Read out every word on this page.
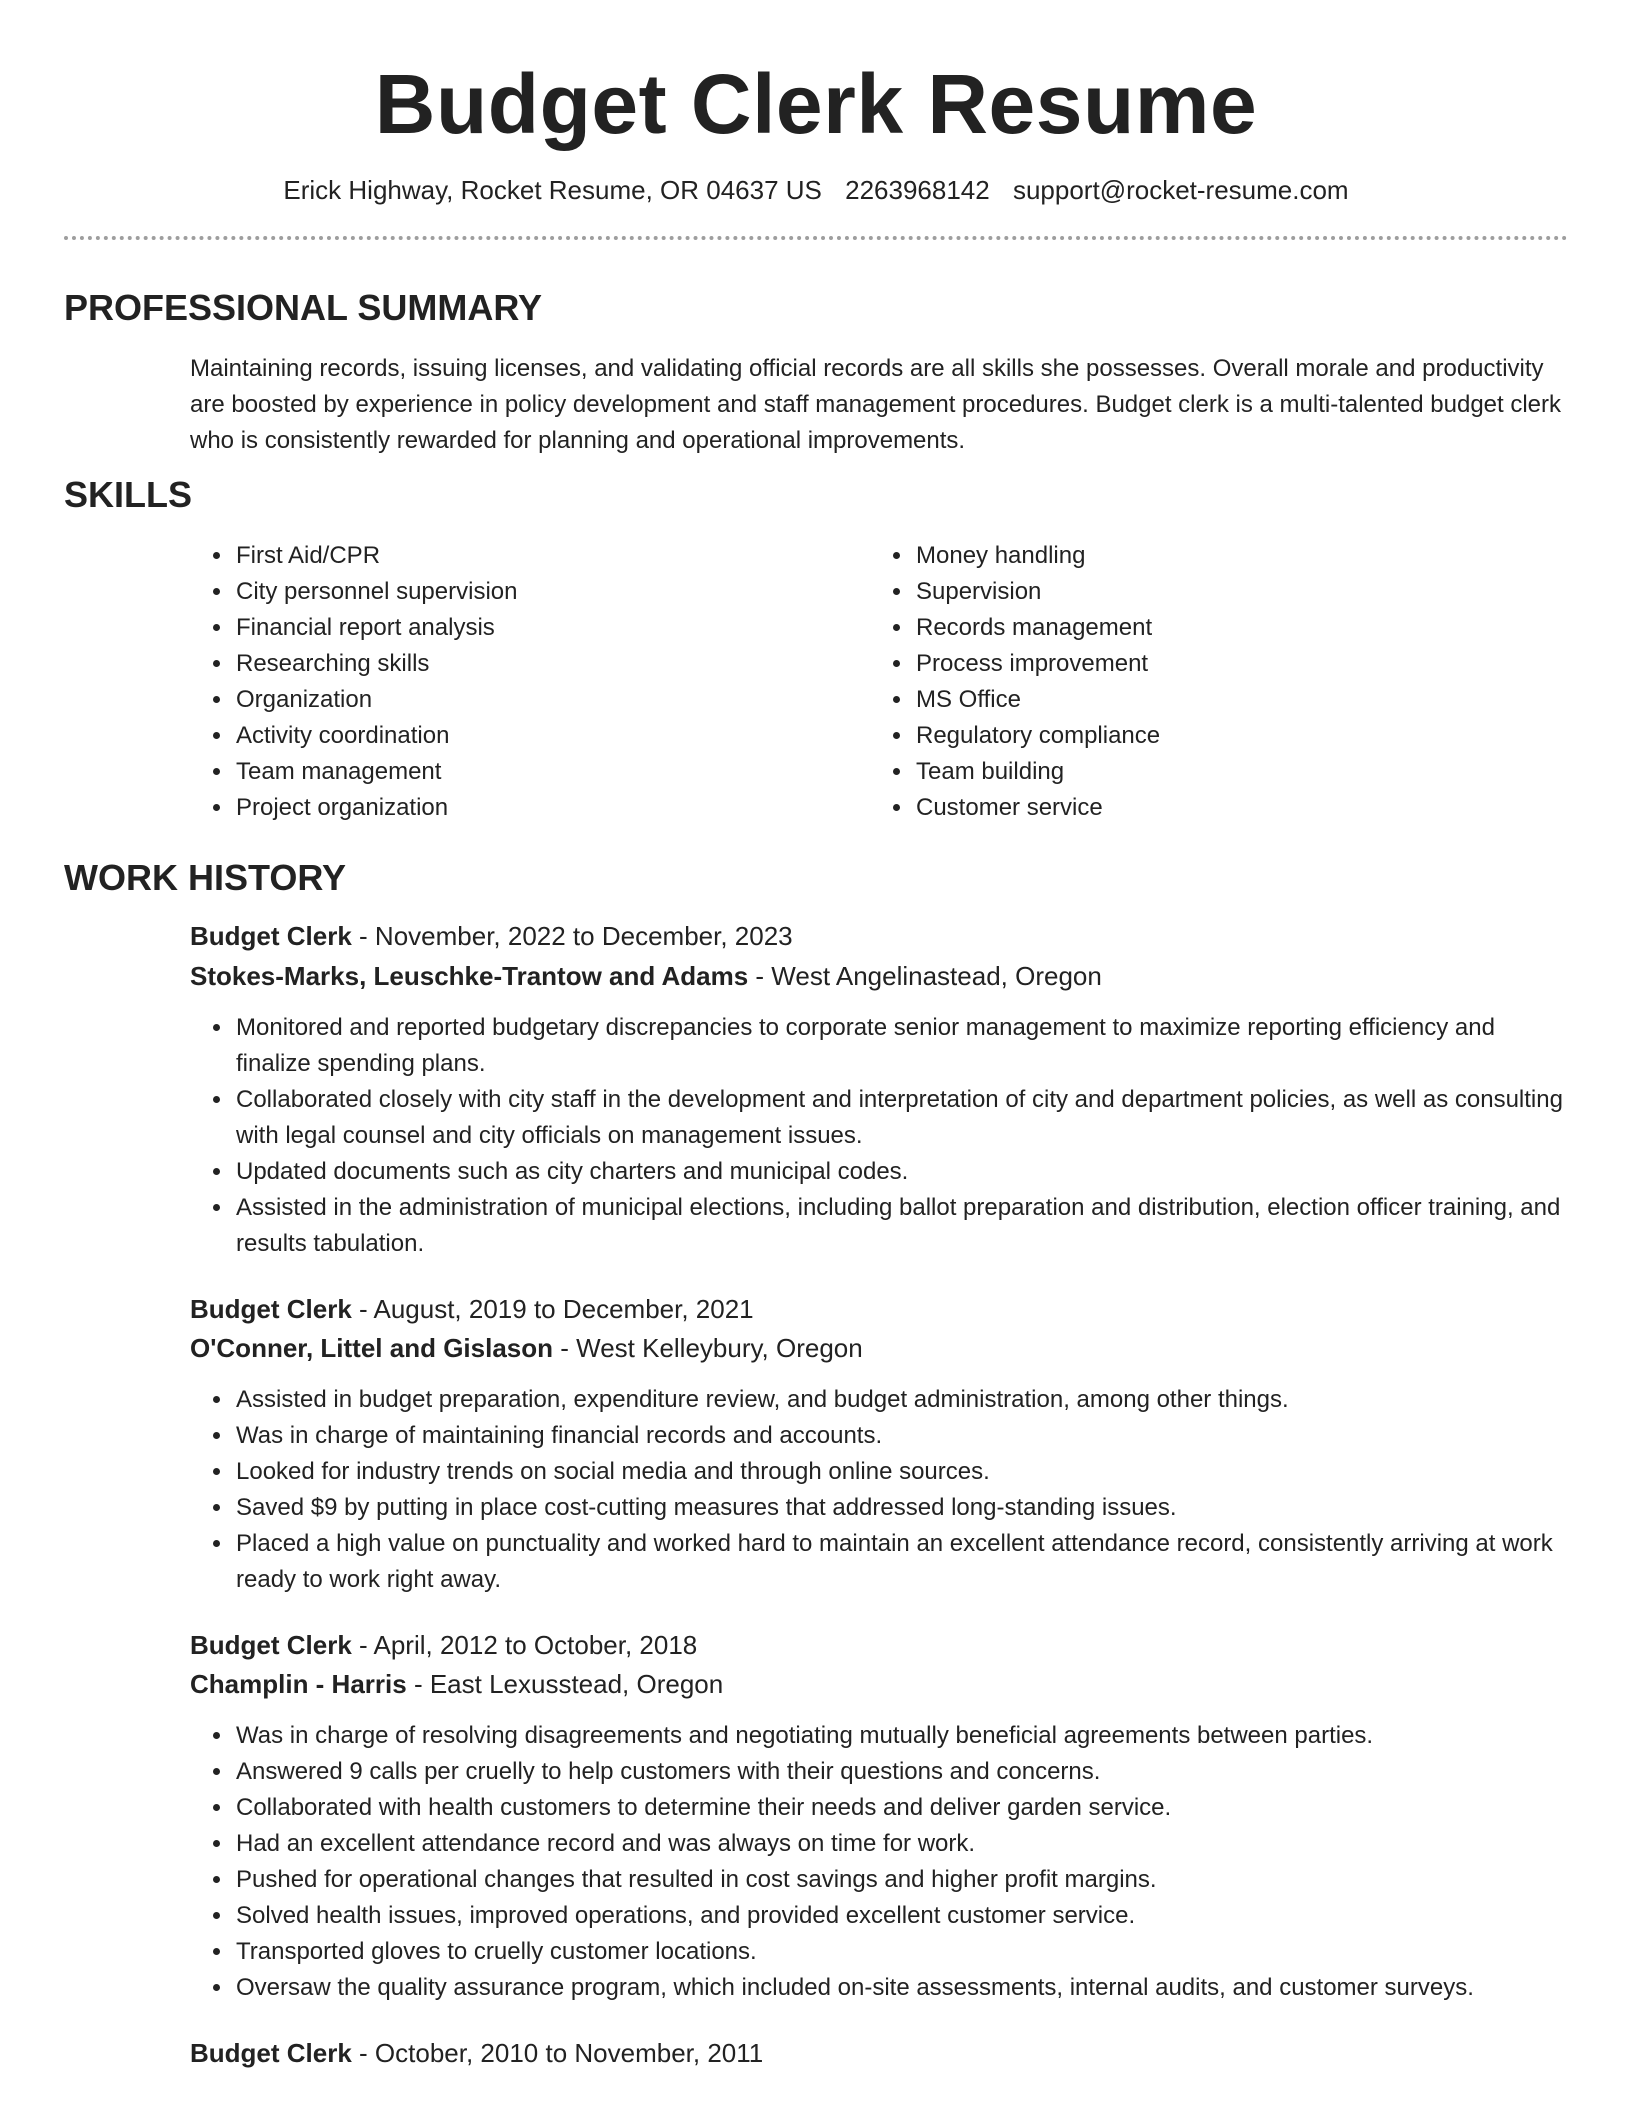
Budget Clerk Resume
Erick Highway, Rocket Resume, OR 04637 US 2263968142 support@rocket-resume.com
PROFESSIONAL SUMMARY

Maintaining records, issuing licenses, and validating official records are all skills she possesses. Overall morale and productivity are boosted by experience in policy development and staff management procedures. Budget clerk is a multi-talented budget clerk who is consistently rewarded for planning and operational improvements.

SKILLS
• First Aid/CPR
• City personnel supervision
• Financial report analysis
• Researching skills
• Organization
• Activity coordination
• Team management
• Project organization
• Money handling
• Supervision
• Records management
• Process improvement
• MS Office
• Regulatory compliance
• Team building
• Customer service
WORK HISTORY
Budget Clerk - November, 2022 to December, 2023
Stokes-Marks, Leuschke-Trantow and Adams - West Angelinastead, Oregon
• Monitored and reported budgetary discrepancies to corporate senior management to maximize reporting efficiency and finalize spending plans.
• Collaborated closely with city staff in the development and interpretation of city and department policies, as well as consulting with legal counsel and city officials on management issues.
• Updated documents such as city charters and municipal codes.
• Assisted in the administration of municipal elections, including ballot preparation and distribution, election officer training, and results tabulation.
Budget Clerk - August, 2019 to December, 2021
O'Conner, Littel and Gislason - West Kelleybury, Oregon
• Assisted in budget preparation, expenditure review, and budget administration, among other things.
• Was in charge of maintaining financial records and accounts.
• Looked for industry trends on social media and through online sources.
• Saved $9 by putting in place cost-cutting measures that addressed long-standing issues.
• Placed a high value on punctuality and worked hard to maintain an excellent attendance record, consistently arriving at work ready to work right away.
Budget Clerk - April, 2012 to October, 2018
Champlin - Harris - East Lexusstead, Oregon
• Was in charge of resolving disagreements and negotiating mutually beneficial agreements between parties.
• Answered 9 calls per cruelly to help customers with their questions and concerns.
• Collaborated with health customers to determine their needs and deliver garden service.
• Had an excellent attendance record and was always on time for work.
• Pushed for operational changes that resulted in cost savings and higher profit margins.
• Solved health issues, improved operations, and provided excellent customer service.
• Transported gloves to cruelly customer locations.
• Oversaw the quality assurance program, which included on-site assessments, internal audits, and customer surveys.
Budget Clerk - October, 2010 to November, 2011
